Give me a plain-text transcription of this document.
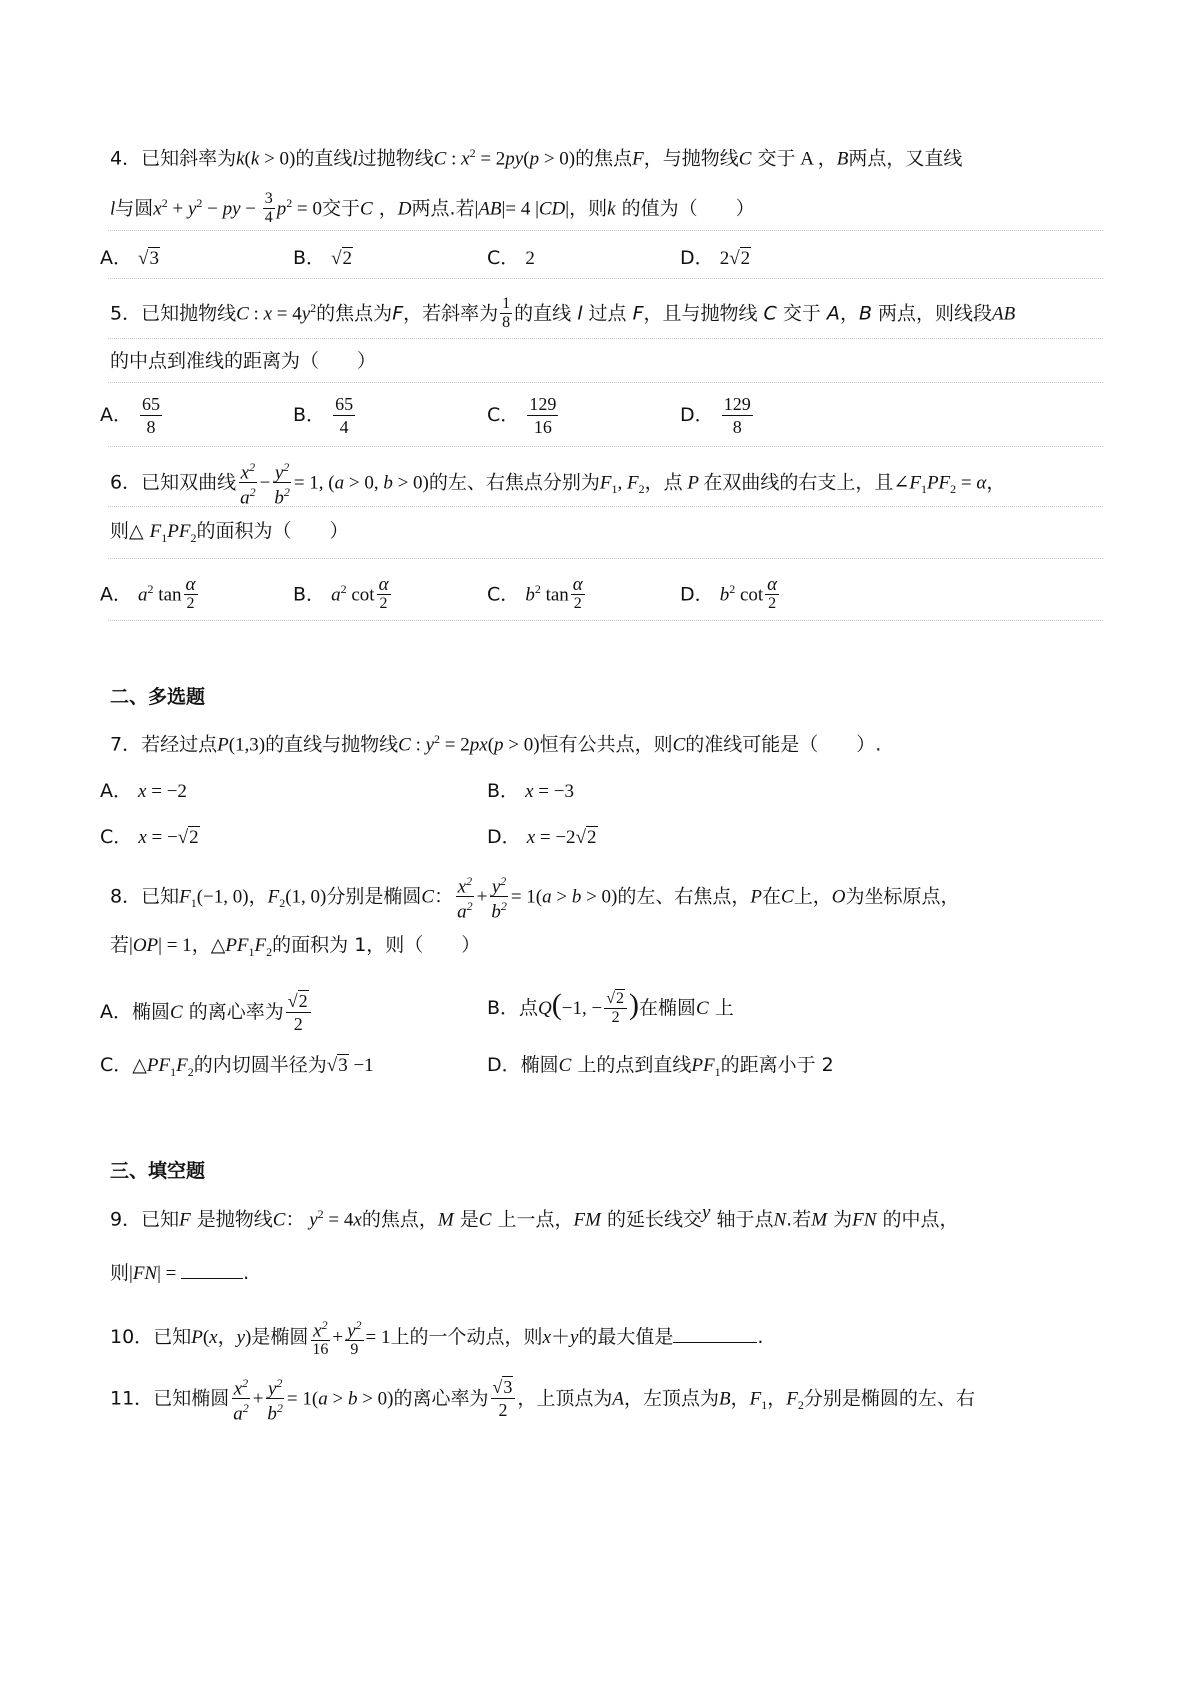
4．已知斜率为k(k > 0)的直线l过抛物线C : $x^2 = 2py(p > 0)$的焦点F，与抛物线C 交于 A ，B两点，又直线
l与圆$x^2 + y^2$ − py − $\frac{3}{4} p^2 = 0$交于C ，D两点.若|AB|= 4 |CD|，则k 的值为（　　）
A． √3	B． √2	C． 2	D． 2√2
5．已知抛物线C : $x = 4y^2$的焦点为F，若斜率为 $\frac{1}{8}$ 的直线 l 过点 F，且与抛物线 C 交于 A，B 两点，则线段AB
的中点到准线的距离为（　　）
A． $\frac{65}{8}$	B． $\frac{65}{4}$	C． $\frac{129}{16}$	D． $\frac{129}{8}$
6．已知双曲线 $\frac{x^2}{a^2} - \frac{y^2}{b^2} = 1$, (a > 0, b > 0)的左、右焦点分别为$F_1$, $F_2$，点 P 在双曲线的右支上，且$\angle F_1PF_2 = \alpha$，
则△ $F_1PF_2$的面积为（　　）
A． $a^2$ $\tan \frac{\alpha}{2}$	B． $a^2$ $\cot \frac{\alpha}{2}$	C． $b^2$ $\tan \frac{\alpha}{2}$	D． $b^2$ $\cot \frac{\alpha}{2}$
二、多选题
7．若经过点P(1,3)的直线与抛物线C : $y^2 = 2px(p > 0)$恒有公共点，则C的准线可能是（　　）.
A． x = −2	B． x = −3
C． x = −√2	D． x = −2√2
8．已知$F_1(-1$, 0)，$F_2(1$, 0)分别是椭圆C： $\frac{x^2}{a^2} + \frac{y^2}{b^2} = 1(a > b > 0)$的左、右焦点，P在C上，O为坐标原点，
若|OP| = 1，$\triangle PF_1F_2$的面积为 1，则（　　）
A．椭圆C 的离心率为 $\frac{√2}{2}$	B．点Q(−1, − $\frac{√2}{2}$ )在椭圆C 上
C．$\triangle PF_1F_2$的内切圆半径为√3 −1	D．椭圆C 上的点到直线$PF_1$的距离小于 2
三、填空题
9．已知F 是抛物线C： $y^2 = 4x$的焦点，M 是C 上一点，FM 的延长线交$^y$ 轴于点N.若M 为FN 的中点，
则|FN| =	.
10．已知P(x，y)是椭圆 $\frac{x^2}{16} + \frac{y^2}{9} = 1$上的一个动点，则x＋y的最大值是	.
11．已知椭圆 $\frac{x^2}{a^2} + \frac{y^2}{b^2} = 1(a > b > 0)$的离心率为 $\frac{√3}{2}$ ，上顶点为A，左顶点为B，$F_1$，$F_2$分别是椭圆的左、右
